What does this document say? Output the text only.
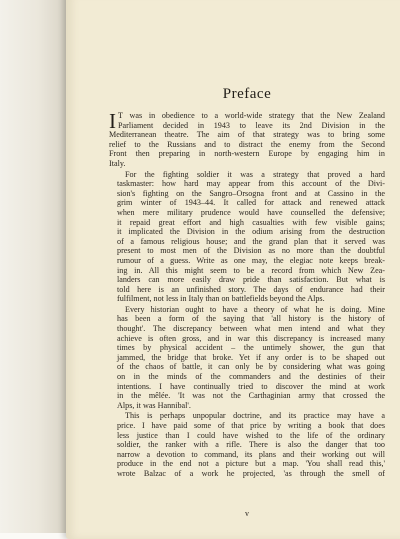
Preface
I T was in obedience to a world-wide strategy that the New Zealand
Parliament decided in 1943 to leave its 2nd Division in the
Mediterranean theatre. The aim of that strategy was to bring some
relief to the Russians and to distract the enemy from the Second
Front then preparing in north-western Europe by engaging him in
Italy.
For the fighting soldier it was a strategy that proved a hard
taskmaster: how hard may appear from this account of the Divi-
sion's fighting on the Sangro–Orsogna front and at Cassino in the
grim winter of 1943–44. It called for attack and renewed attack
when mere military prudence would have counselled the defensive;
it repaid great effort and high casualties with few visible gains;
it implicated the Division in the odium arising from the destruction
of a famous religious house; and the grand plan that it served was
present to most men of the Division as no more than the doubtful
rumour of a guess. Write as one may, the elegiac note keeps break-
ing in. All this might seem to be a record from which New Zea-
landers can more easily draw pride than satisfaction. But what is
told here is an unfinished story. The days of endurance had their
fulfilment, not less in Italy than on battlefields beyond the Alps.
Every historian ought to have a theory of what he is doing. Mine
has been a form of the saying that 'all history is the history of
thought'. The discrepancy between what men intend and what they
achieve is often gross, and in war this discrepancy is increased many
times by physical accident – the untimely shower, the gun that
jammed, the bridge that broke. Yet if any order is to be shaped out
of the chaos of battle, it can only be by considering what was going
on in the minds of the commanders and the destinies of their
intentions. I have continually tried to discover the mind at work
in the mêlée. 'It was not the Carthaginian army that crossed the
Alps, it was Hannibal'.
This is perhaps unpopular doctrine, and its practice may have a
price. I have paid some of that price by writing a book that does
less justice than I could have wished to the life of the ordinary
soldier, the ranker with a rifle. There is also the danger that too
narrow a devotion to command, its plans and their working out will
produce in the end not a picture but a map. 'You shall read this,'
wrote Balzac of a work he projected, 'as through the smell of
v
